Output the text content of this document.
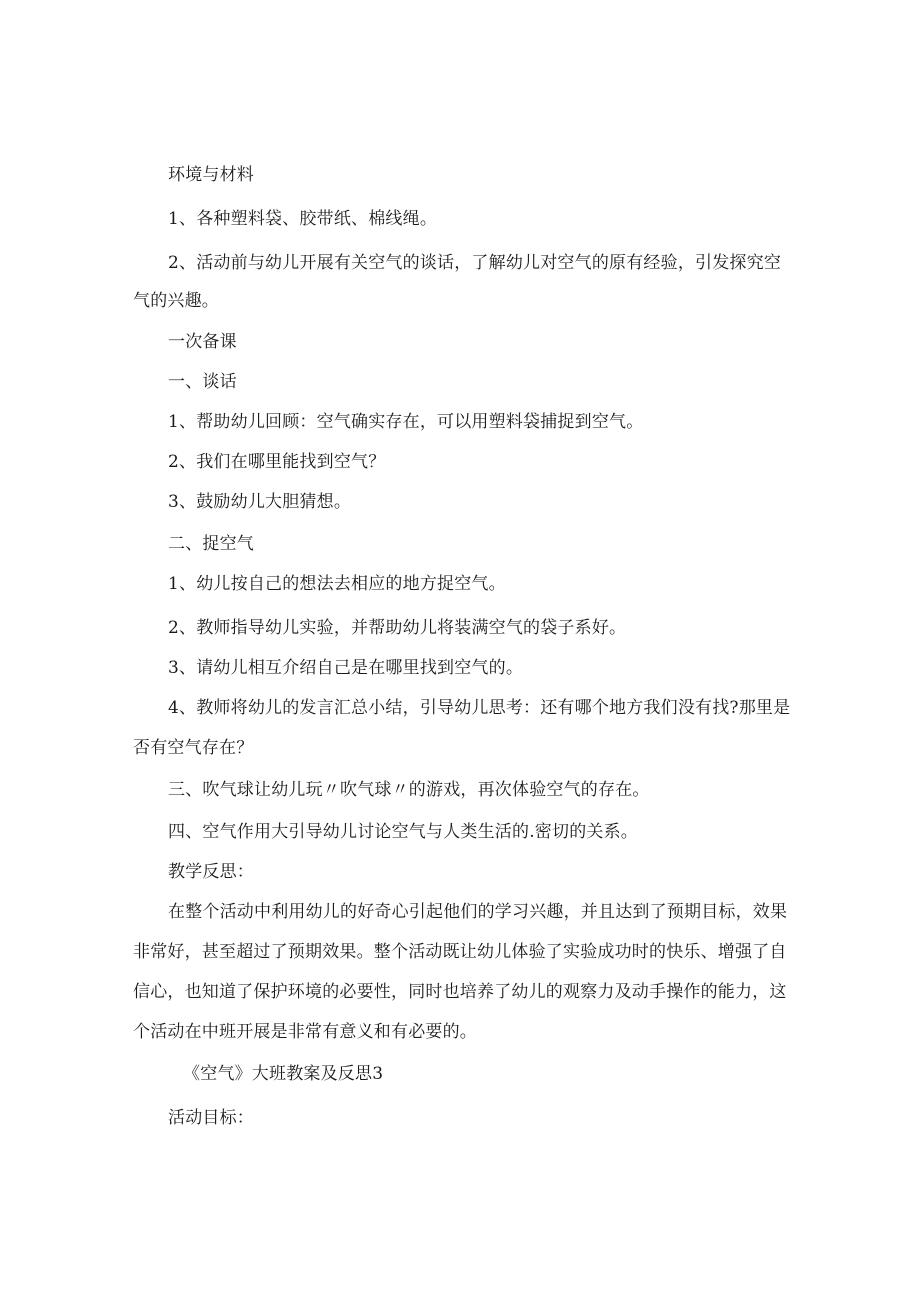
环境与材料

1、各种塑料袋、胶带纸、棉线绳。

2、活动前与幼儿开展有关空气的谈话，了解幼儿对空气的原有经验，引发探究空气的兴趣。

一次备课

一、谈话

1、帮助幼儿回顾：空气确实存在，可以用塑料袋捕捉到空气。

2、我们在哪里能找到空气？

3、鼓励幼儿大胆猜想。

二、捉空气

1、幼儿按自己的想法去相应的地方捉空气。

2、教师指导幼儿实验，并帮助幼儿将装满空气的袋子系好。

3、请幼儿相互介绍自己是在哪里找到空气的。

4、教师将幼儿的发言汇总小结，引导幼儿思考：还有哪个地方我们没有找?那里是否有空气存在？

三、吹气球让幼儿玩〃吹气球〃的游戏，再次体验空气的存在。

四、空气作用大引导幼儿讨论空气与人类生活的.密切的关系。

教学反思：

在整个活动中利用幼儿的好奇心引起他们的学习兴趣，并且达到了预期目标，效果非常好，甚至超过了预期效果。整个活动既让幼儿体验了实验成功时的快乐、增强了自信心，也知道了保护环境的必要性，同时也培养了幼儿的观察力及动手操作的能力，这个活动在中班开展是非常有意义和有必要的。

《空气》大班教案及反思3

活动目标：
